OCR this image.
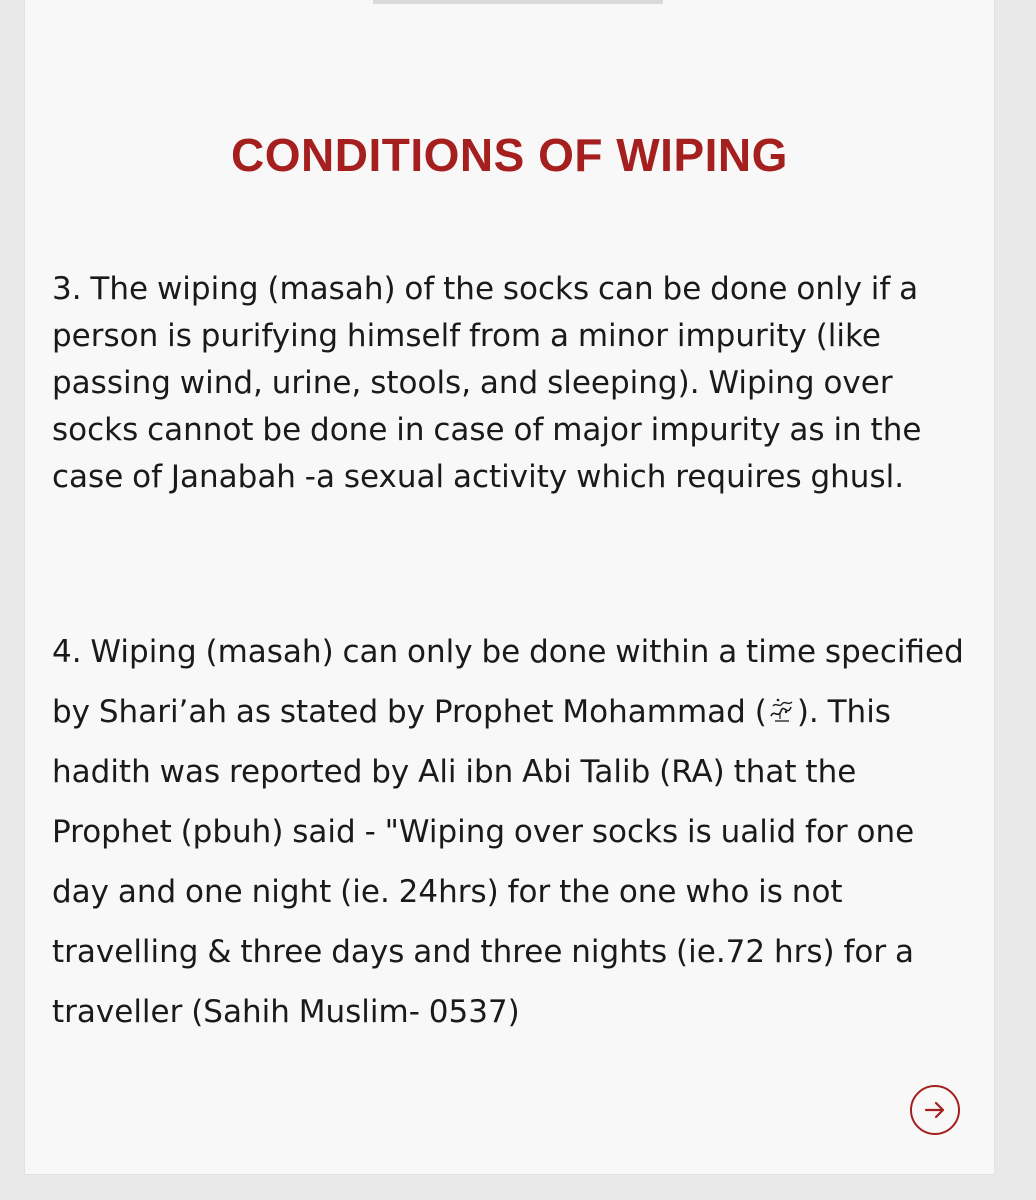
CONDITIONS OF WIPING

3. The wiping (masah) of the socks can be done only if a person is purifying himself from a minor impurity (like passing wind, urine, stools, and sleeping). Wiping over socks cannot be done in case of major impurity as in the case of Janabah -a sexual activity which requires ghusl.

4. Wiping (masah) can only be done within a time specified by Shari’ah as stated by Prophet Mohammad ( ). This hadith was reported by Ali ibn Abi Talib (RA) that the Prophet (pbuh) said - "Wiping over socks is ualid for one day and one night (ie. 24hrs) for the one who is not travelling & three days and three nights (ie.72 hrs) for a traveller (Sahih Muslim- 0537)
